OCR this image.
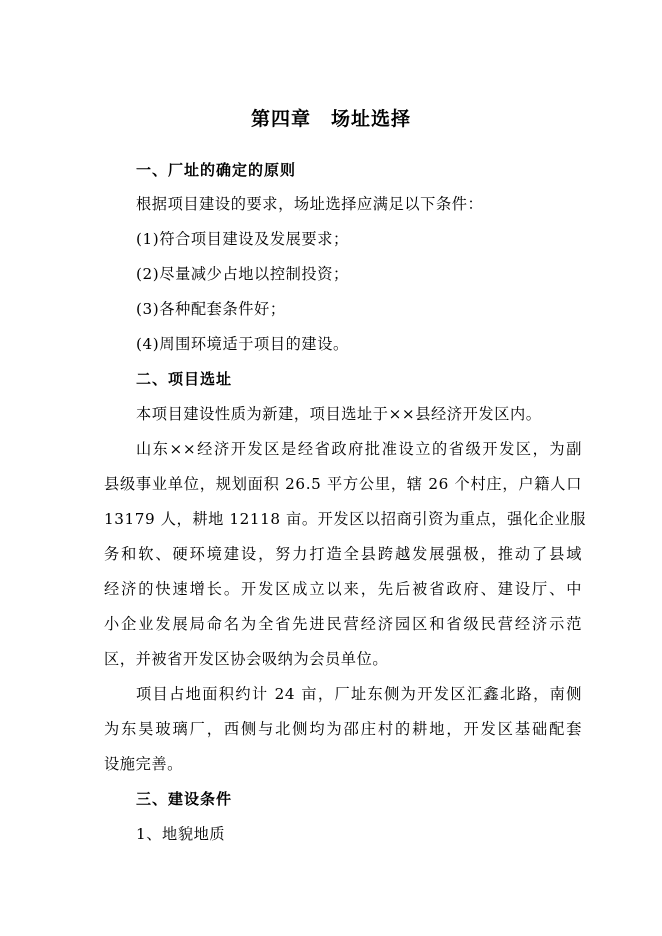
第四章　场址选择
一、厂址的确定的原则
根据项目建设的要求，场址选择应满足以下条件：
(1)符合项目建设及发展要求；
(2)尽量减少占地以控制投资；
(3)各种配套条件好；
(4)周围环境适于项目的建设。
二、项目选址
本项目建设性质为新建，项目选址于××县经济开发区内。
山东××经济开发区是经省政府批准设立的省级开发区，为副
县级事业单位，规划面积 26.5 平方公里，辖 26 个村庄，户籍人口
13179 人，耕地 12118 亩。开发区以招商引资为重点，强化企业服
务和软、硬环境建设，努力打造全县跨越发展强极，推动了县域
经济的快速增长。开发区成立以来，先后被省政府、建设厅、中
小企业发展局命名为全省先进民营经济园区和省级民营经济示范
区，并被省开发区协会吸纳为会员单位。
项目占地面积约计 24 亩，厂址东侧为开发区汇鑫北路，南侧
为东昊玻璃厂，西侧与北侧均为邵庄村的耕地，开发区基础配套
设施完善。
三、建设条件
1、地貌地质
